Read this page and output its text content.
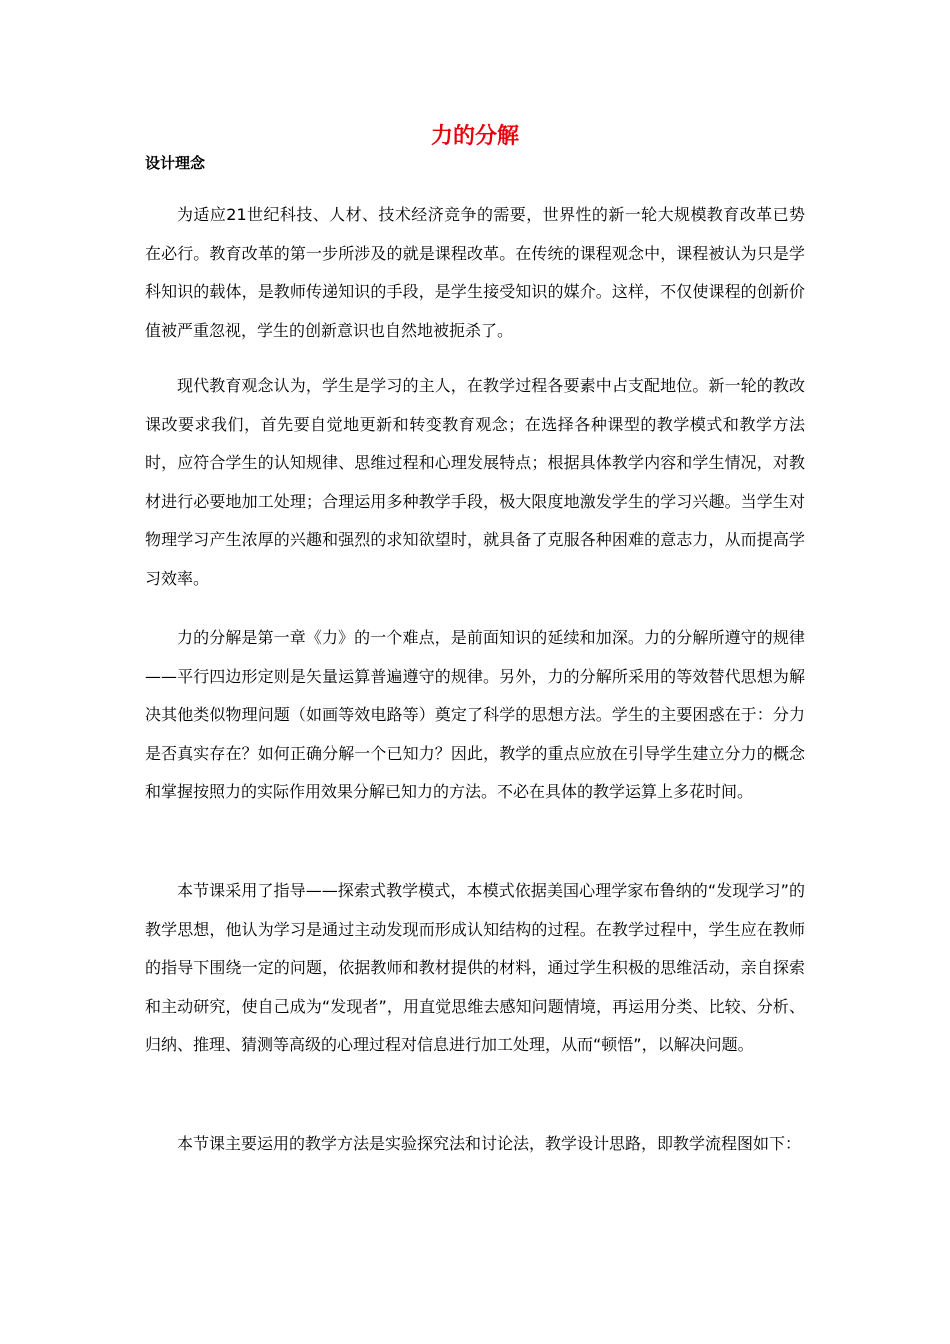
力的分解
设计理念

为适应21世纪科技、人材、技术经济竞争的需要，世界性的新一轮大规模教育改革已势在必行。教育改革的第一步所涉及的就是课程改革。在传统的课程观念中，课程被认为只是学科知识的载体，是教师传递知识的手段，是学生接受知识的媒介。这样，不仅使课程的创新价值被严重忽视，学生的创新意识也自然地被扼杀了。

现代教育观念认为，学生是学习的主人，在教学过程各要素中占支配地位。新一轮的教改课改要求我们，首先要自觉地更新和转变教育观念；在选择各种课型的教学模式和教学方法时，应符合学生的认知规律、思维过程和心理发展特点；根据具体教学内容和学生情况，对教材进行必要地加工处理；合理运用多种教学手段，极大限度地激发学生的学习兴趣。当学生对物理学习产生浓厚的兴趣和强烈的求知欲望时，就具备了克服各种困难的意志力，从而提高学习效率。

力的分解是第一章《力》的一个难点，是前面知识的延续和加深。力的分解所遵守的规律——平行四边形定则是矢量运算普遍遵守的规律。另外，力的分解所采用的等效替代思想为解决其他类似物理问题（如画等效电路等）奠定了科学的思想方法。学生的主要困惑在于：分力是否真实存在？如何正确分解一个已知力？因此，教学的重点应放在引导学生建立分力的概念和掌握按照力的实际作用效果分解已知力的方法。不必在具体的教学运算上多花时间。

本节课采用了指导——探索式教学模式，本模式依据美国心理学家布鲁纳的“发现学习”的教学思想，他认为学习是通过主动发现而形成认知结构的过程。在教学过程中，学生应在教师的指导下围绕一定的问题，依据教师和教材提供的材料，通过学生积极的思维活动，亲自探索和主动研究，使自己成为“发现者”，用直觉思维去感知问题情境，再运用分类、比较、分析、归纳、推理、猜测等高级的心理过程对信息进行加工处理，从而“顿悟”，以解决问题。

本节课主要运用的教学方法是实验探究法和讨论法，教学设计思路，即教学流程图如下：
